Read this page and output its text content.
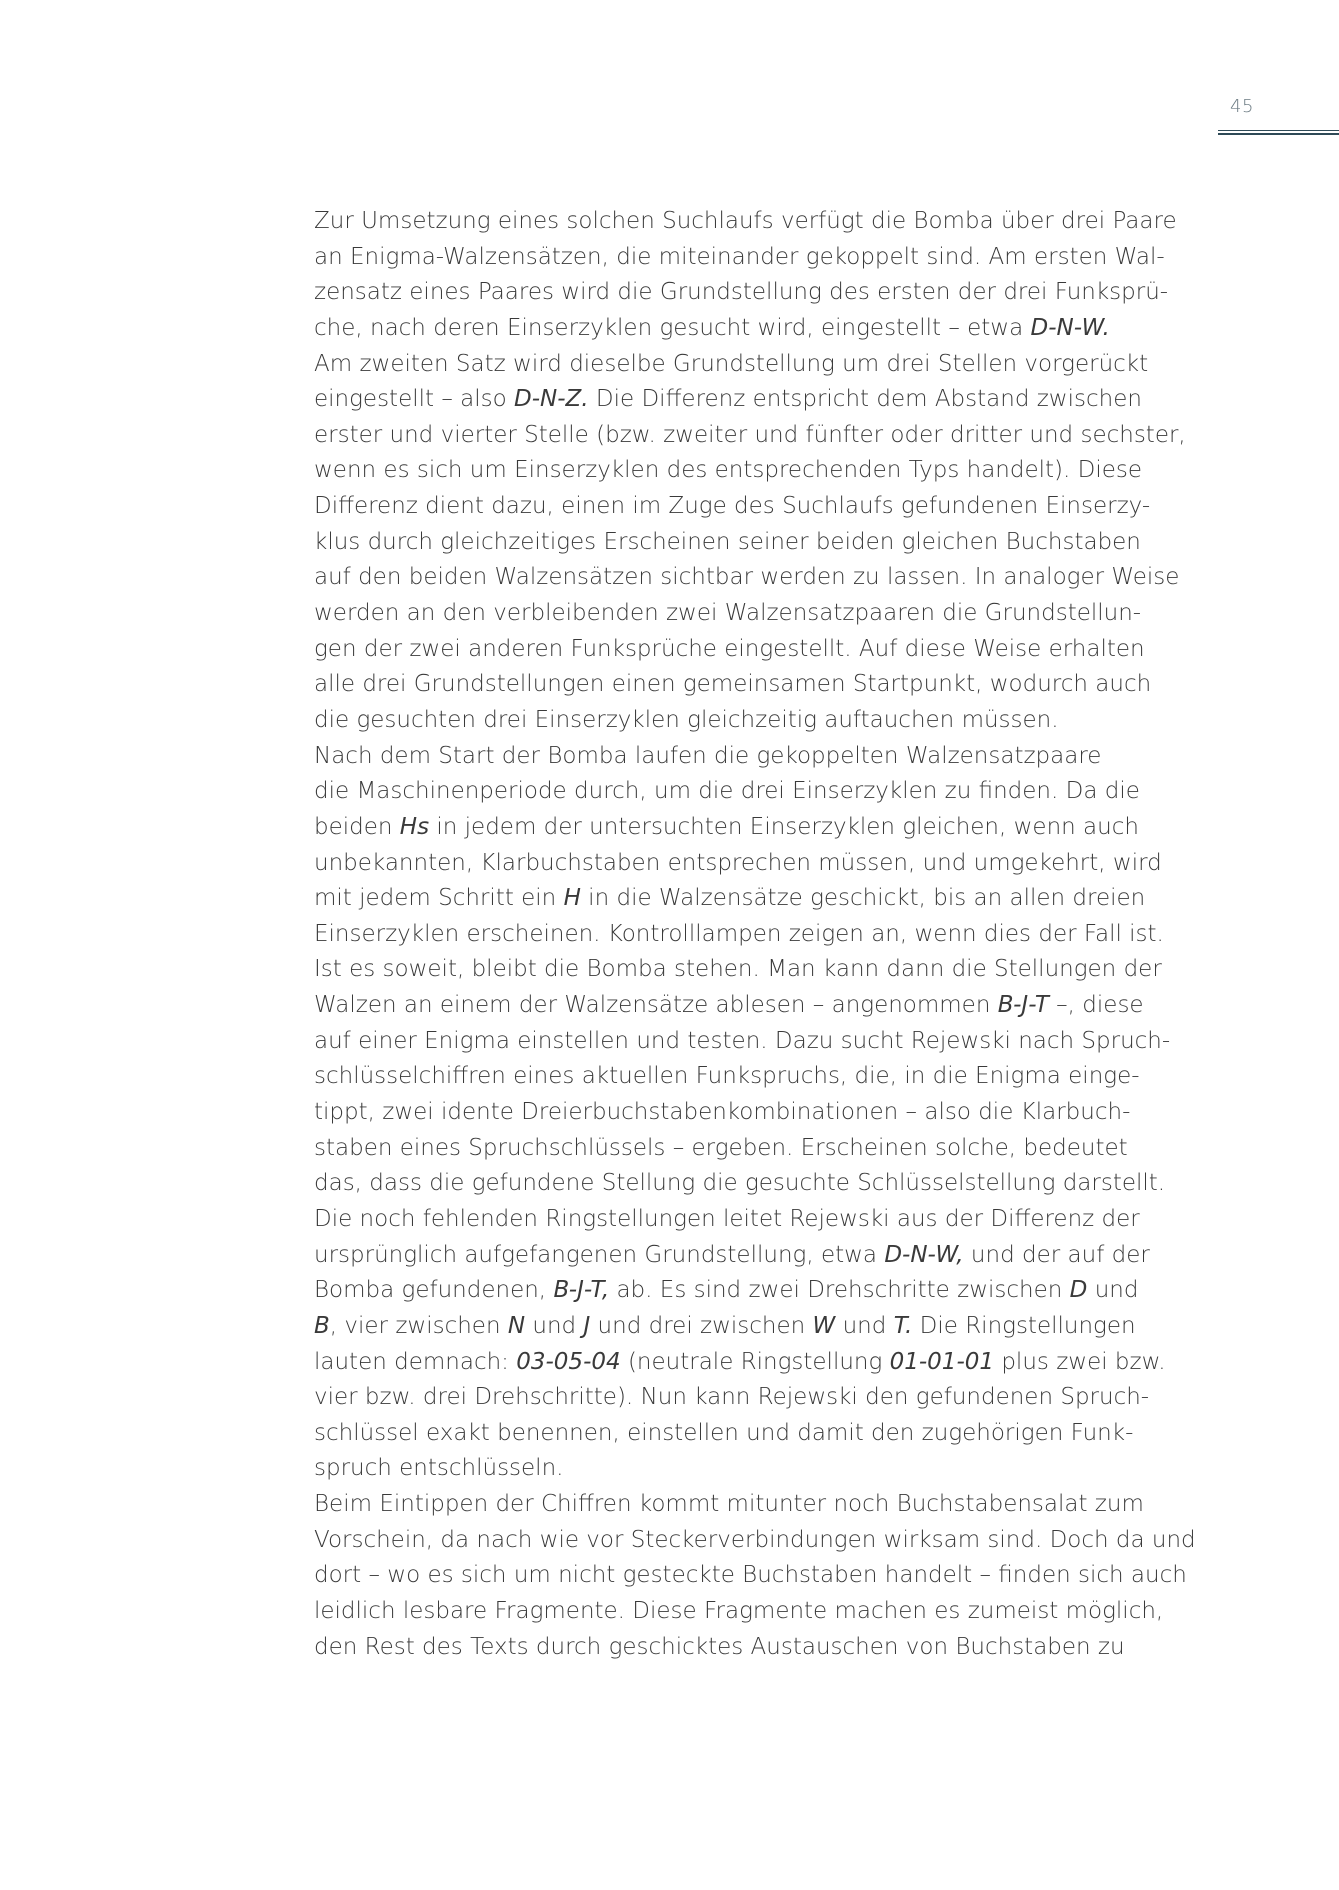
45
Zur Umsetzung eines solchen Suchlaufs verfügt die Bomba über drei Paare
an Enigma-Walzensätzen, die miteinander gekoppelt sind. Am ersten Wal-
zensatz eines Paares wird die Grundstellung des ersten der drei Funksprü-
che, nach deren Einserzyklen gesucht wird, eingestellt – etwa D-N-W.
Am zweiten Satz wird dieselbe Grundstellung um drei Stellen vorgerückt
eingestellt – also D-N-Z. Die Differenz entspricht dem Abstand zwischen
erster und vierter Stelle (bzw. zweiter und fünfter oder dritter und sechster,
wenn es sich um Einserzyklen des entsprechenden Typs handelt). Diese
Differenz dient dazu, einen im Zuge des Suchlaufs gefundenen Einserzy-
klus durch gleichzeitiges Erscheinen seiner beiden gleichen Buchstaben
auf den beiden Walzensätzen sichtbar werden zu lassen. In analoger Weise
werden an den verbleibenden zwei Walzensatzpaaren die Grundstellun-
gen der zwei anderen Funksprüche eingestellt. Auf diese Weise erhalten
alle drei Grundstellungen einen gemeinsamen Startpunkt, wodurch auch
die gesuchten drei Einserzyklen gleichzeitig auftauchen müssen.
Nach dem Start der Bomba laufen die gekoppelten Walzensatzpaare
die Maschinenperiode durch, um die drei Einserzyklen zu finden. Da die
beiden Hs in jedem der untersuchten Einserzyklen gleichen, wenn auch
unbekannten, Klarbuchstaben entsprechen müssen, und umgekehrt, wird
mit jedem Schritt ein H in die Walzensätze geschickt, bis an allen dreien
Einserzyklen erscheinen. Kontrolllampen zeigen an, wenn dies der Fall ist.
Ist es soweit, bleibt die Bomba stehen. Man kann dann die Stellungen der
Walzen an einem der Walzensätze ablesen – angenommen B-J-T –, diese
auf einer Enigma einstellen und testen. Dazu sucht Rejewski nach Spruch-
schlüsselchiffren eines aktuellen Funkspruchs, die, in die Enigma einge-
tippt, zwei idente Dreierbuchstabenkombinationen – also die Klarbuch-
staben eines Spruchschlüssels – ergeben. Erscheinen solche, bedeutet
das, dass die gefundene Stellung die gesuchte Schlüsselstellung darstellt.
Die noch fehlenden Ringstellungen leitet Rejewski aus der Differenz der
ursprünglich aufgefangenen Grundstellung, etwa D-N-W, und der auf der
Bomba gefundenen, B-J-T, ab. Es sind zwei Drehschritte zwischen D und
B, vier zwischen N und J und drei zwischen W und T. Die Ringstellungen
lauten demnach: 03-05-04 (neutrale Ringstellung 01-01-01 plus zwei bzw.
vier bzw. drei Drehschritte). Nun kann Rejewski den gefundenen Spruch-
schlüssel exakt benennen, einstellen und damit den zugehörigen Funk-
spruch entschlüsseln.
Beim Eintippen der Chiffren kommt mitunter noch Buchstabensalat zum
Vorschein, da nach wie vor Steckerverbindungen wirksam sind. Doch da und
dort – wo es sich um nicht gesteckte Buchstaben handelt – finden sich auch
leidlich lesbare Fragmente. Diese Fragmente machen es zumeist möglich,
den Rest des Texts durch geschicktes Austauschen von Buchstaben zu
